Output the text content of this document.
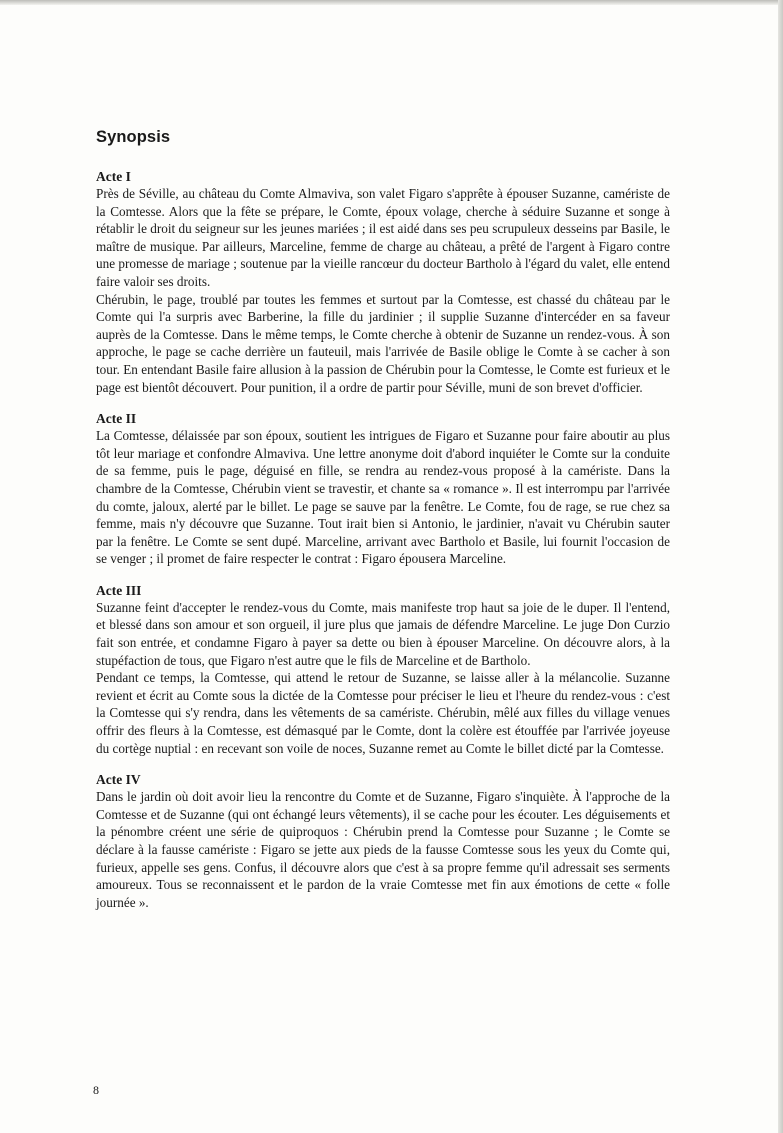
Synopsis
Acte I

Près de Séville, au château du Comte Almaviva, son valet Figaro s'apprête à épouser Suzanne, camériste de la Comtesse. Alors que la fête se prépare, le Comte, époux volage, cherche à séduire Suzanne et songe à rétablir le droit du seigneur sur les jeunes mariées ; il est aidé dans ses peu scrupuleux desseins par Basile, le maître de musique. Par ailleurs, Marceline, femme de charge au château, a prêté de l'argent à Figaro contre une promesse de mariage ; soutenue par la vieille rancœur du docteur Bartholo à l'égard du valet, elle entend faire valoir ses droits.

Chérubin, le page, troublé par toutes les femmes et surtout par la Comtesse, est chassé du château par le Comte qui l'a surpris avec Barberine, la fille du jardinier ; il supplie Suzanne d'intercéder en sa faveur auprès de la Comtesse. Dans le même temps, le Comte cherche à obtenir de Suzanne un rendez-vous. À son approche, le page se cache derrière un fauteuil, mais l'arrivée de Basile oblige le Comte à se cacher à son tour. En entendant Basile faire allusion à la passion de Chérubin pour la Comtesse, le Comte est furieux et le page est bientôt découvert. Pour punition, il a ordre de partir pour Séville, muni de son brevet d'officier.

Acte II

La Comtesse, délaissée par son époux, soutient les intrigues de Figaro et Suzanne pour faire aboutir au plus tôt leur mariage et confondre Almaviva. Une lettre anonyme doit d'abord inquiéter le Comte sur la conduite de sa femme, puis le page, déguisé en fille, se rendra au rendez-vous proposé à la camériste. Dans la chambre de la Comtesse, Chérubin vient se travestir, et chante sa « romance ». Il est interrompu par l'arrivée du comte, jaloux, alerté par le billet. Le page se sauve par la fenêtre. Le Comte, fou de rage, se rue chez sa femme, mais n'y découvre que Suzanne. Tout irait bien si Antonio, le jardinier, n'avait vu Chérubin sauter par la fenêtre. Le Comte se sent dupé. Marceline, arrivant avec Bartholo et Basile, lui fournit l'occasion de se venger ; il promet de faire respecter le contrat : Figaro épousera Marceline.

Acte III

Suzanne feint d'accepter le rendez-vous du Comte, mais manifeste trop haut sa joie de le duper. Il l'entend, et blessé dans son amour et son orgueil, il jure plus que jamais de défendre Marceline. Le juge Don Curzio fait son entrée, et condamne Figaro à payer sa dette ou bien à épouser Marceline. On découvre alors, à la stupéfaction de tous, que Figaro n'est autre que le fils de Marceline et de Bartholo.

Pendant ce temps, la Comtesse, qui attend le retour de Suzanne, se laisse aller à la mélancolie. Suzanne revient et écrit au Comte sous la dictée de la Comtesse pour préciser le lieu et l'heure du rendez-vous : c'est la Comtesse qui s'y rendra, dans les vêtements de sa camériste. Chérubin, mêlé aux filles du village venues offrir des fleurs à la Comtesse, est démasqué par le Comte, dont la colère est étouffée par l'arrivée joyeuse du cortège nuptial : en recevant son voile de noces, Suzanne remet au Comte le billet dicté par la Comtesse.

Acte IV

Dans le jardin où doit avoir lieu la rencontre du Comte et de Suzanne, Figaro s'inquiète. À l'approche de la Comtesse et de Suzanne (qui ont échangé leurs vêtements), il se cache pour les écouter. Les déguisements et la pénombre créent une série de quiproquos : Chérubin prend la Comtesse pour Suzanne ; le Comte se déclare à la fausse camériste : Figaro se jette aux pieds de la fausse Comtesse sous les yeux du Comte qui, furieux, appelle ses gens. Confus, il découvre alors que c'est à sa propre femme qu'il adressait ses serments amoureux. Tous se reconnaissent et le pardon de la vraie Comtesse met fin aux émotions de cette « folle journée ».

8
